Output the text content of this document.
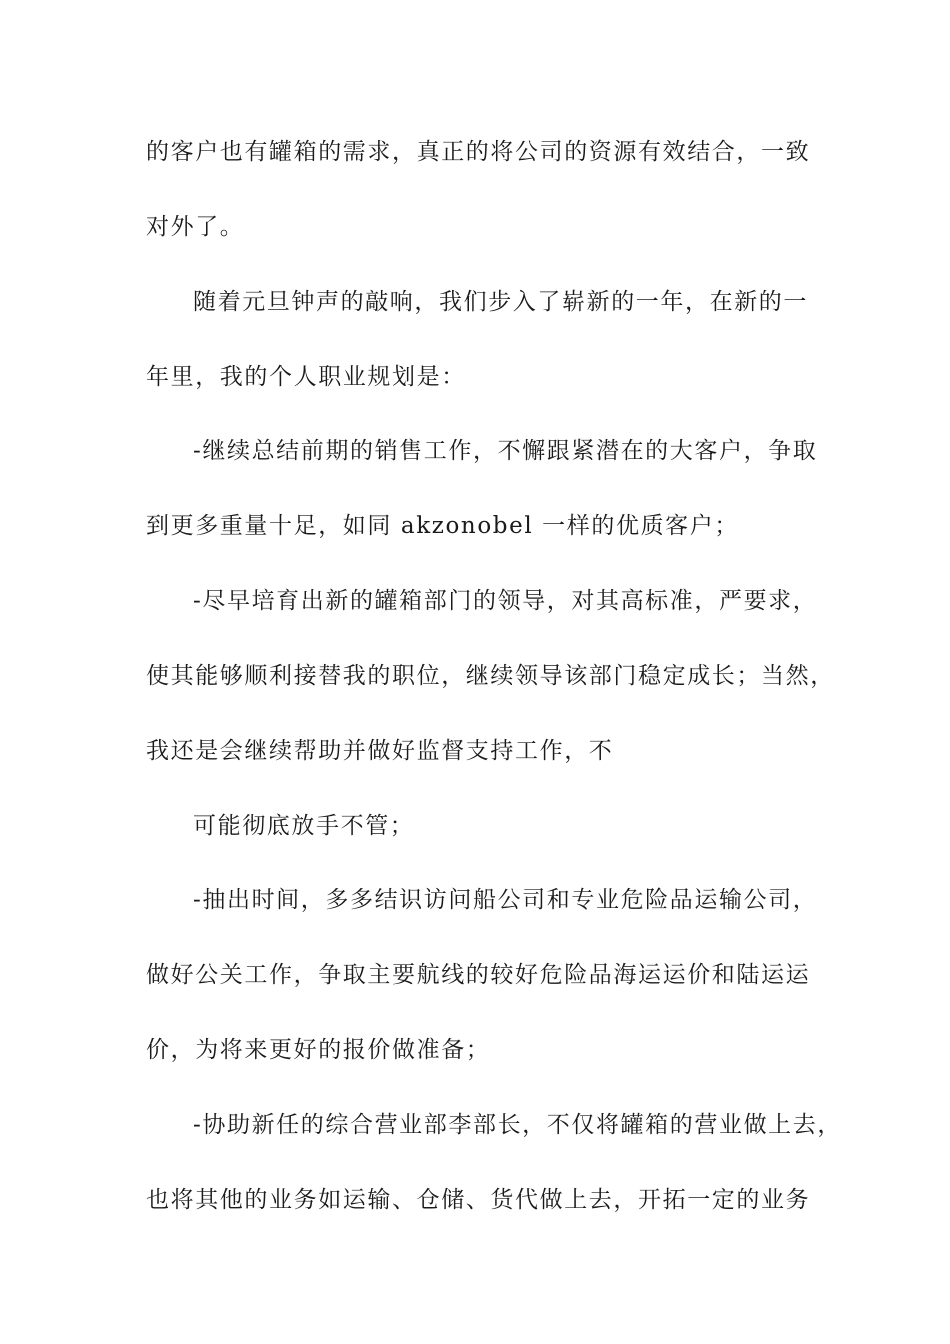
的客户也有罐箱的需求，真正的将公司的资源有效结合，一致

对外了。

随着元旦钟声的敲响，我们步入了崭新的一年，在新的一

年里，我的个人职业规划是：

-继续总结前期的销售工作，不懈跟紧潜在的大客户，争取

到更多重量十足，如同 akzonobel 一样的优质客户；

-尽早培育出新的罐箱部门的领导，对其高标准，严要求，

使其能够顺利接替我的职位，继续领导该部门稳定成长；当然，

我还是会继续帮助并做好监督支持工作，不

可能彻底放手不管；

-抽出时间，多多结识访问船公司和专业危险品运输公司，

做好公关工作，争取主要航线的较好危险品海运运价和陆运运

价，为将来更好的报价做准备；

-协助新任的综合营业部李部长，不仅将罐箱的营业做上去，

也将其他的业务如运输、仓储、货代做上去，开拓一定的业务
